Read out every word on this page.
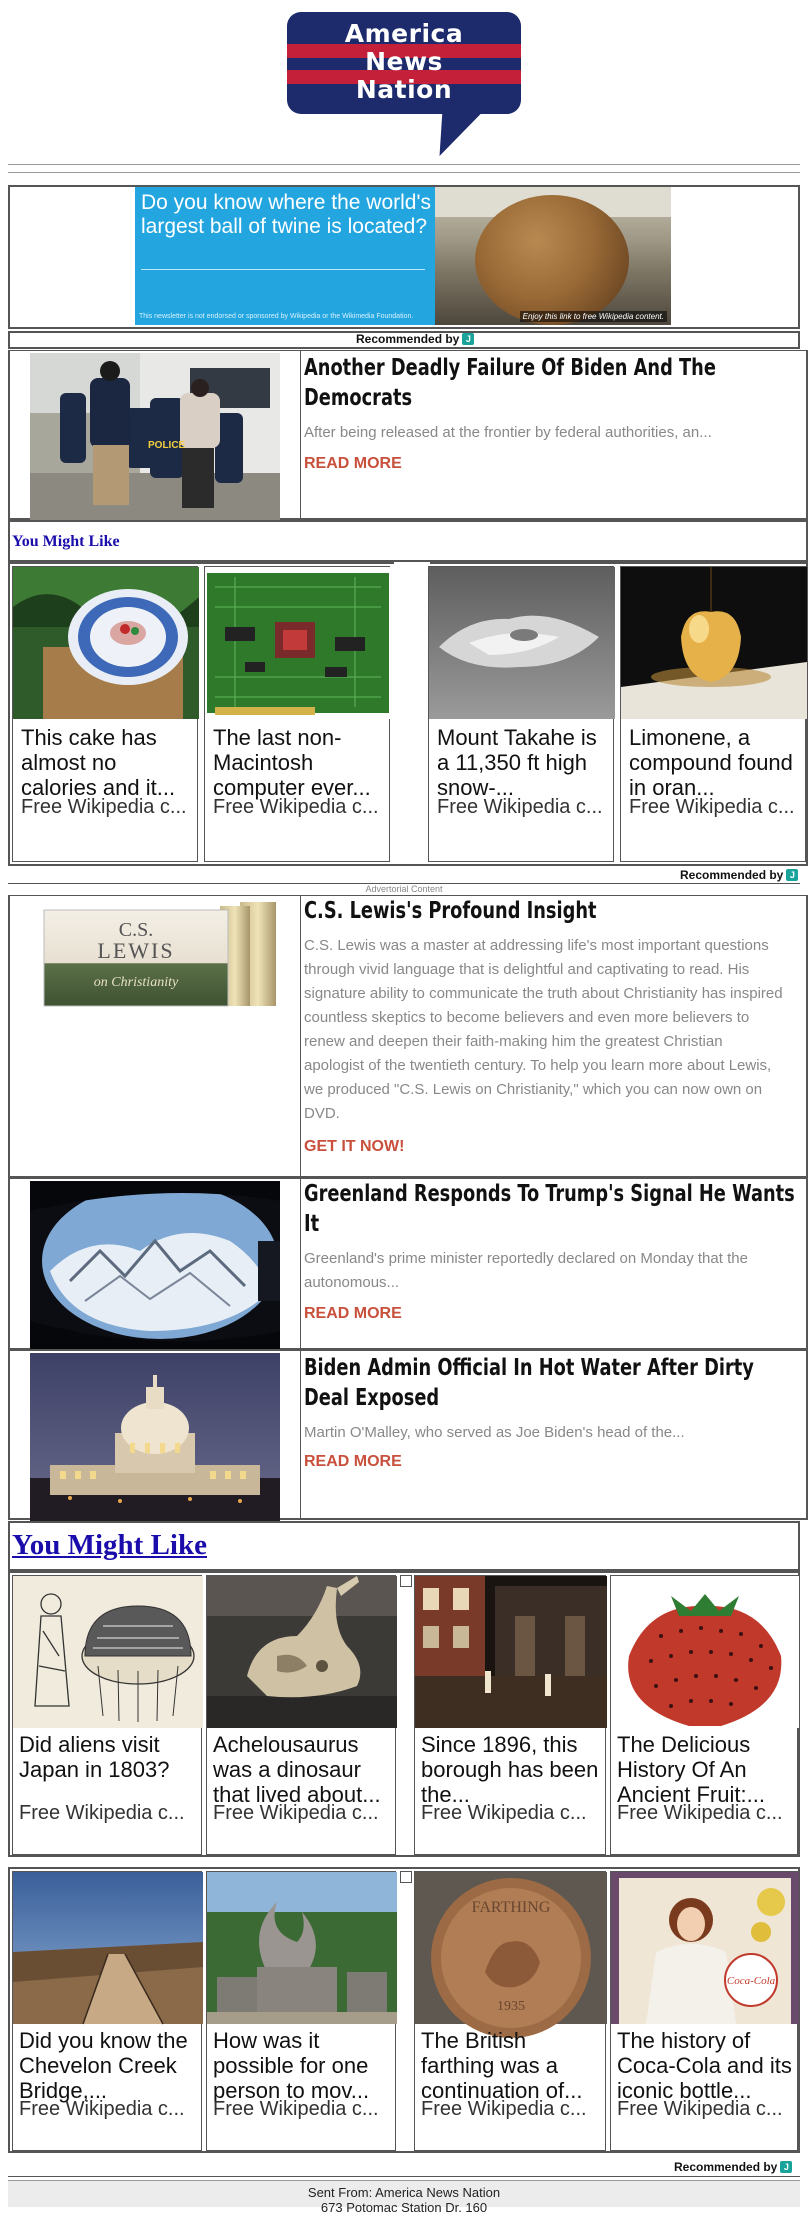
America
News
Nation
Do you know where the world's largest ball of twine is located?
This newsletter is not endorsed or sponsored by Wikipedia or the Wikimedia Foundation.	Enjoy this link to free Wikipedia content.
Recommended by J
POLICE
Another Deadly Failure Of Biden And The Democrats
After being released at the frontier by federal authorities, an...
READ MORE
You Might Like
This cake has almost no calories and it...
Free Wikipedia c...
The last non-Macintosh computer ever...
Free Wikipedia c...
Mount Takahe is a 11,350 ft high snow-...
Free Wikipedia c...
Limonene, a compound found in oran...
Free Wikipedia c...
Recommended by J
Advertorial Content
C.S.
LEWIS
on Christianity
C.S. Lewis's Profound Insight
C.S. Lewis was a master at addressing life's most important questions through vivid language that is delightful and captivating to read. His signature ability to communicate the truth about Christianity has inspired countless skeptics to become believers and even more believers to renew and deepen their faith-making him the greatest Christian apologist of the twentieth century. To help you learn more about Lewis, we produced "C.S. Lewis on Christianity," which you can now own on DVD.
GET IT NOW!
Greenland Responds To Trump's Signal He Wants It
Greenland's prime minister reportedly declared on Monday that the autonomous...
READ MORE
Biden Admin Official In Hot Water After Dirty Deal Exposed
Martin O'Malley, who served as Joe Biden's head of the...
READ MORE
You Might Like
Did aliens visit Japan in 1803?
Free Wikipedia c...
Achelousaurus was a dinosaur that lived about...
Free Wikipedia c...
Since 1896, this borough has been the...
Free Wikipedia c...
The Delicious History Of An Ancient Fruit:...
Free Wikipedia c...
Did you know the Chevelon Creek Bridge,...
Free Wikipedia c...
How was it possible for one person to mov...
Free Wikipedia c...
FARTHING
1935
The British farthing was a continuation of...
Free Wikipedia c...
Coca-Cola
The history of Coca-Cola and its iconic bottle...
Free Wikipedia c...
Recommended by J
Sent From: America News Nation
673 Potomac Station Dr. 160
